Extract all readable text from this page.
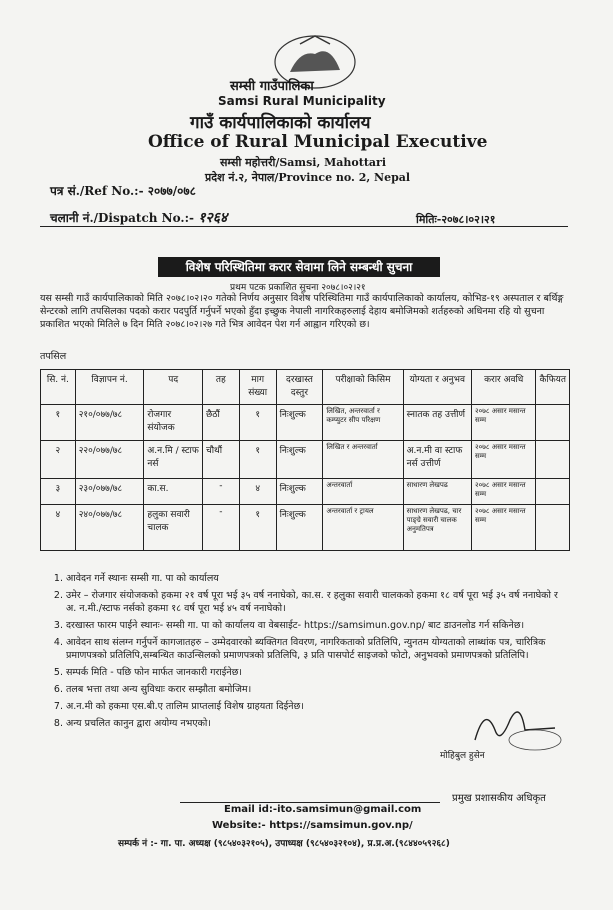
सम्सी गाउँपालिका
Samsi Rural Municipality
गाउँ कार्यपालिकाको कार्यालय
Office of Rural Municipal Executive
सम्सी महोत्तरी/Samsi, Mahottari
प्रदेश नं.२, नेपाल/Province no. 2, Nepal
पत्र सं./Ref No.:- २०७७/०७८
चलानी नं./Dispatch No.:- १२६४	मितिः-२०७८।०२।२१
विशेष परिस्थितिमा करार सेवामा लिने सम्बन्धी सुचना
प्रथम पटक प्रकाशित सुचना २०७८।०२।२१
यस सम्सी गाउँ कार्यपालिकाको मिति २०७८।०२।२० गतेको निर्णय अनुसार विशेष परिस्थितिमा गाउँ कार्यपालिकाको कार्यालय, कोभिड-१९ अस्पताल र बर्थिङ्ग सेन्टरको लागि तपसिलका पदको करार पदपुर्ति गर्नुपर्ने भएको हुँदा इच्छुक नेपाली नागरिकहरुलाई देहाय बमोजिमको शर्तहरुको अधिनमा रहि यो सुचना प्रकाशित भएको मितिले ७ दिन मिति २०७८।०२।२७ गते भित्र आवेदन पेश गर्न आह्वान गरिएको छ।
तपसिल
सि. नं.	विज्ञापन नं.	पद	तह	माग संख्या	दरखास्त दस्तुर	परीक्षाको किसिम	योग्यता र अनुभव	करार अवधि	कैफियत
१	२१०/०७७/७८	रोजगार संयोजक	छैठौं	१	निःशुल्क	लिखित, अन्तरवार्ता र कम्प्युटर सीप परिक्षण	स्नातक तह उत्तीर्ण	२०७८ असार मसान्त सम्म	
२	२२०/०७७/७८	अ.न.मि / स्टाफ नर्स	चौथौं	१	निःशुल्क	लिखित र अन्तरवार्ता	अ.न.मी वा स्टाफ नर्स उत्तीर्ण	२०७८ असार मसान्त सम्म	
३	२३०/०७७/७८	का.स.	-	४	निःशुल्क	अन्तरवार्ता	साधारण लेखपढ	२०७८ असार मसान्त सम्म	
४	२४०/०७७/७८	हलुका सवारी चालक	-	१	निःशुल्क	अन्तरवार्ता र ट्रायल	साधारण लेखपढ, चार पाङ्ग्रे सवारी चालक अनुमतिपत्र	२०७८ असार मसान्त सम्म	
1. आवेदन गर्ने स्थानः सम्सी गा. पा को कार्यालय
2. उमेर – रोजगार संयोजकको हकमा २१ वर्ष पूरा भई ३५ वर्ष ननाघेको, का.स. र हलुका सवारी चालकको हकमा १८ वर्ष पूरा भई ३५ वर्ष ननाघेको र अ. न.मी./स्टाफ नर्सको हकमा १८ वर्ष पूरा भई ४५ वर्ष ननाघेको।
3. दरखास्त फारम पाईने स्थानः- सम्सी गा. पा को कार्यालय वा वेबसाईट- https://samsimun.gov.np/ बाट डाउनलोड गर्न सकिनेछ।
4. आवेदन साथ संलग्न गर्नुपर्ने कागजातहरु – उम्मेदवारको ब्यक्तिगत विवरण, नागरिकताको प्रतिलिपि, न्युनतम योग्यताको लाब्धांक पत्र, चारित्रिक प्रमाणपत्रको प्रतिलिपि,सम्बन्धित काउन्सिलको प्रमाणपत्रको प्रतिलिपि, ३ प्रति पासपोर्ट साइजको फोटो, अनुभवको प्रमाणपत्रको प्रतिलिपि।
5. सम्पर्क मिति - पछि फोन मार्फत जानकारी गराईनेछ।
6. तलब भत्ता तथा अन्य सुविधाः करार सम्झौता बमोजिम।
7. अ.न.मी को हकमा एस.बी.ए तालिम प्राप्तलाई विशेष ग्राहयता दिईनेछ।
8. अन्य प्रचलित कानुन द्वारा अयोग्य नभएको।
मोहिबुल हुसेन
प्रमुख प्रशासकीय अधिकृत
Email id:-ito.samsimun@gmail.com
Website:- https://samsimun.gov.np/
सम्पर्क नं :- गा. पा. अध्यक्ष (९८५४०३२१०५), उपाध्यक्ष (९८५४०३२१०४), प्र.प्र.अ.(९८४४०५९२६८)
